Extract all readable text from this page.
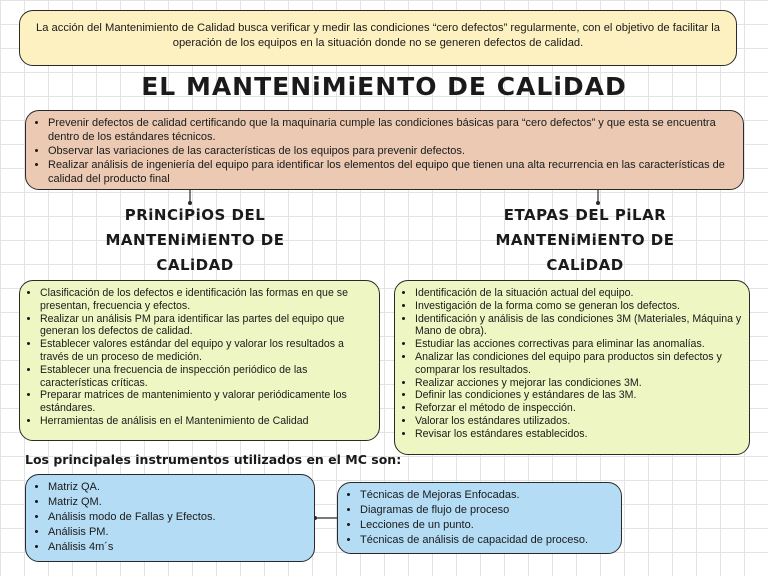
La acción del Mantenimiento de Calidad busca verificar y medir las condiciones “cero defectos” regularmente, con el objetivo de facilitar la operación de los equipos en la situación donde no se generen defectos de calidad.

EL MANTENiMiENTO DE CALiDAD
• Prevenir defectos de calidad certificando que la maquinaria cumple las condiciones básicas para “cero defectos” y que esta se encuentra dentro de los estándares técnicos.
• Observar las variaciones de las características de los equipos para prevenir defectos.
• Realizar análisis de ingeniería del equipo para identificar los elementos del equipo que tienen una alta recurrencia en las características de calidad del producto final
PRiNCiPiOS DEL MANTENiMiENTO DE CALiDAD
ETAPAS DEL PiLAR MANTENiMiENTO DE CALiDAD
• Clasificación de los defectos e identificación las formas en que se presentan, frecuencia y efectos.
• Realizar un análisis PM para identificar las partes del equipo que generan los defectos de calidad.
• Establecer valores estándar del equipo y valorar los resultados a través de un proceso de medición.
• Establecer una frecuencia de inspección periódico de las características críticas.
• Preparar matrices de mantenimiento y valorar periódicamente los estándares.
• Herramientas de análisis en el Mantenimiento de Calidad
• Identificación de la situación actual del equipo.
• Investigación de la forma como se generan los defectos.
• Identificación y análisis de las condiciones 3M (Materiales, Máquina y Mano de obra).
• Estudiar las acciones correctivas para eliminar las anomalías.
• Analizar las condiciones del equipo para productos sin defectos y comparar los resultados.
• Realizar acciones y mejorar las condiciones 3M.
• Definir las condiciones y estándares de las 3M.
• Reforzar el método de inspección.
• Valorar los estándares utilizados.
• Revisar los estándares establecidos.
Los principales instrumentos utilizados en el MC son:
• Matriz QA.
• Matriz QM.
• Análisis modo de Fallas y Efectos.
• Análisis PM.
• Análisis 4m´s
• Técnicas de Mejoras Enfocadas.
• Diagramas de flujo de proceso
• Lecciones de un punto.
• Técnicas de análisis de capacidad de proceso.
